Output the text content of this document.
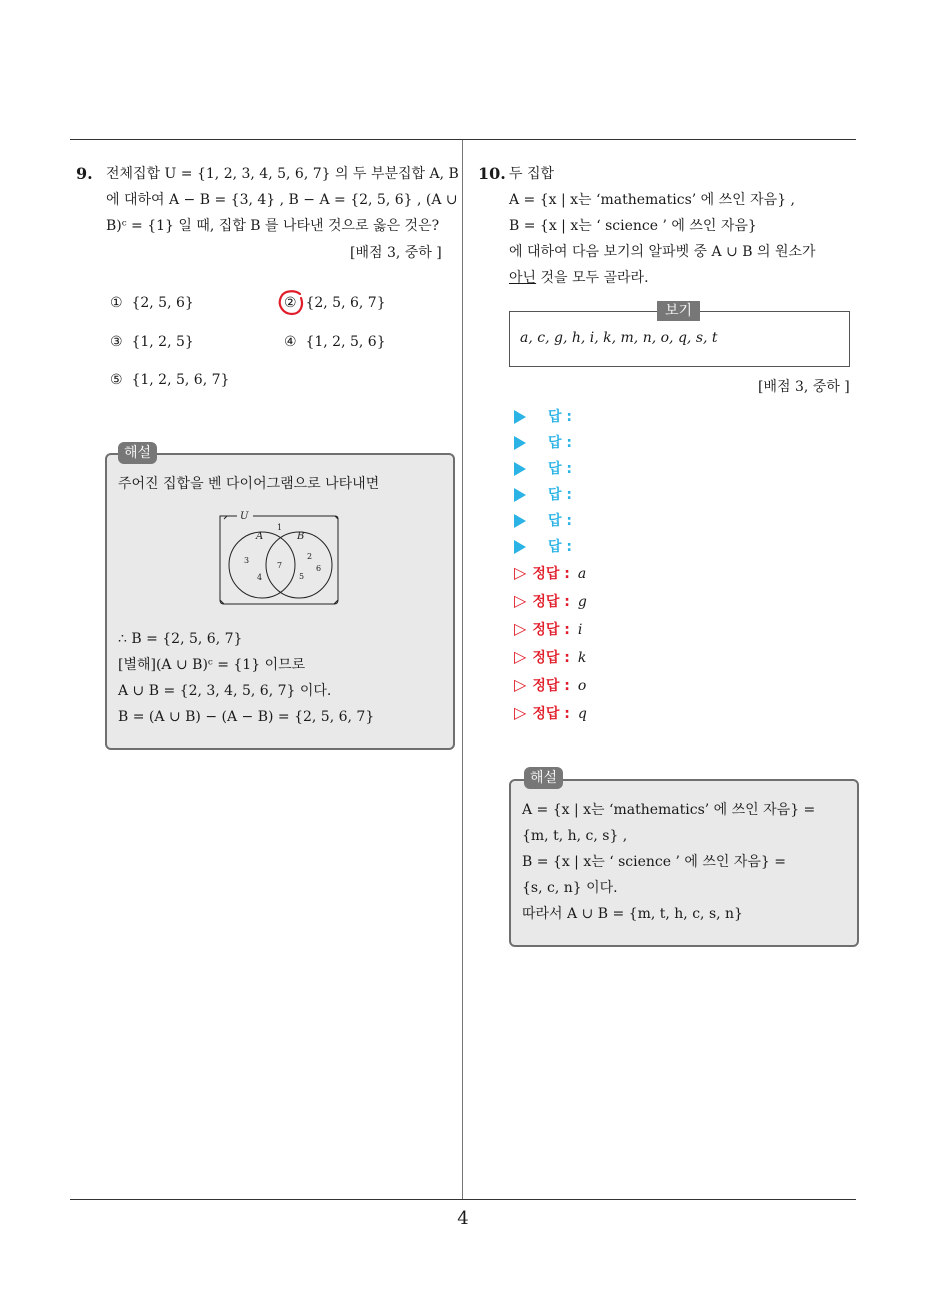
4
9. 전체집합 U = {1, 2, 3, 4, 5, 6, 7} 의 두 부분집합 A, B
에 대하여 A − B = {3, 4} , B − A = {2, 5, 6} , (A ∪
B)ᶜ = {1} 일 때, 집합 B 를 나타낸 것으로 옳은 것은?
[배점 3, 중하 ]
① {2, 5, 6}	② {2, 5, 6, 7}
③ {1, 2, 5}	④ {1, 2, 5, 6}
⑤ {1, 2, 5, 6, 7}
해설
주어진 집합을 벤 다이어그램으로 나타내면
U
A	B
1
3
4
7
2
6
5
∴ B = {2, 5, 6, 7}
[별해](A ∪ B)ᶜ = {1} 이므로
A ∪ B = {2, 3, 4, 5, 6, 7} 이다.
B = (A ∪ B) − (A − B) = {2, 5, 6, 7}
10. 두 집합
A = {x | x는 ‘mathematics’ 에 쓰인 자음} ,
B = {x | x는 ‘ science ’ 에 쓰인 자음}
에 대하여 다음 보기의 알파벳 중 A ∪ B 의 원소가
아닌 것을 모두 골라라.
보기
a, c, g, h, i, k, m, n, o, q, s, t
[배점 3, 중하 ]
답 :
답 :
답 :
답 :
답 :
답 :
▷ 정답 : a
▷ 정답 : g
▷ 정답 : i
▷ 정답 : k
▷ 정답 : o
▷ 정답 : q
해설
A = {x | x는 ‘mathematics’ 에 쓰인 자음} =
{m, t, h, c, s} ,
B = {x | x는 ‘ science ’ 에 쓰인 자음} =
{s, c, n} 이다.
따라서 A ∪ B = {m, t, h, c, s, n}
